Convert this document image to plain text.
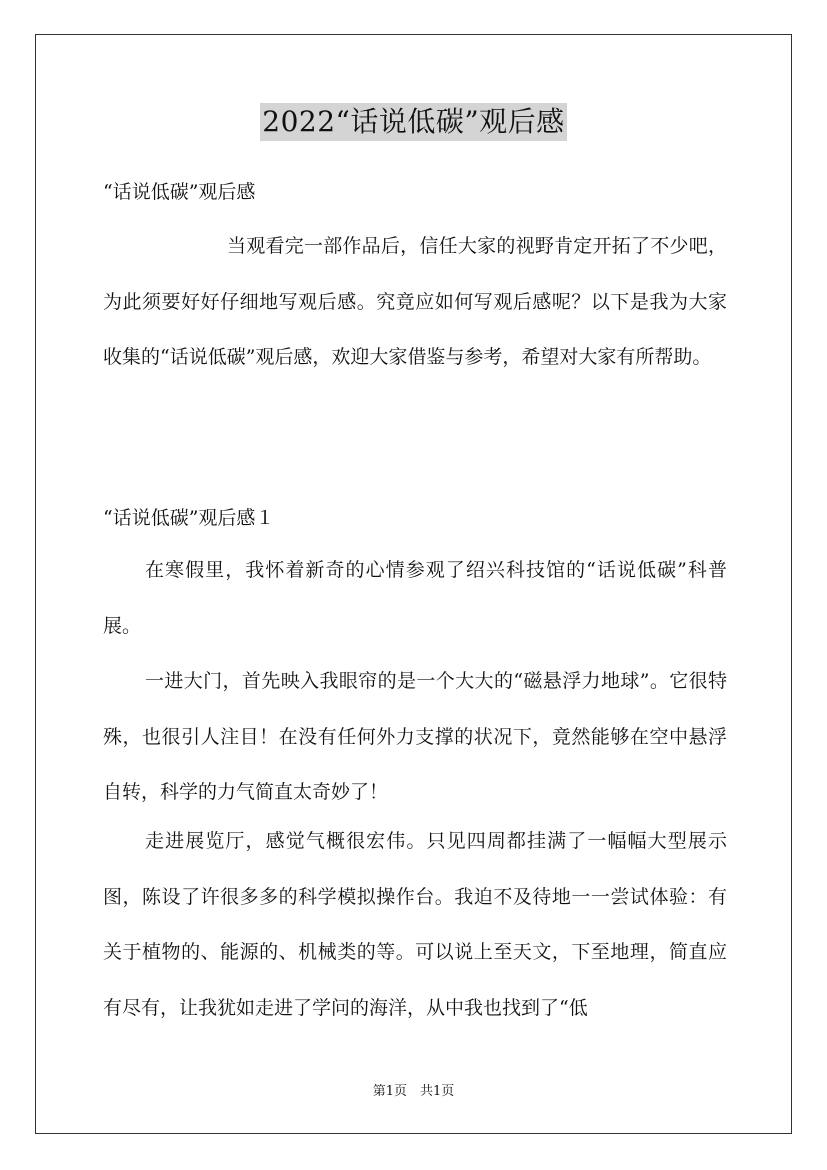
2022“话说低碳”观后感

“话说低碳”观后感

当观看完一部作品后，信任大家的视野肯定开拓了不少吧，为此须要好好仔细地写观后感。究竟应如何写观后感呢？以下是我为大家收集的“话说低碳”观后感，欢迎大家借鉴与参考，希望对大家有所帮助。

“话说低碳”观后感１

在寒假里，我怀着新奇的心情参观了绍兴科技馆的“话说低碳”科普展。

一进大门，首先映入我眼帘的是一个大大的“磁悬浮力地球”。它很特殊，也很引人注目！在没有任何外力支撑的状况下，竟然能够在空中悬浮自转，科学的力气简直太奇妙了！

走进展览厅，感觉气概很宏伟。只见四周都挂满了一幅幅大型展示图，陈设了许很多多的科学模拟操作台。我迫不及待地一一尝试体验：有关于植物的、能源的、机械类的等。可以说上至天文，下至地理，简直应有尽有，让我犹如走进了学问的海洋，从中我也找到了“低

第1页　共1页
